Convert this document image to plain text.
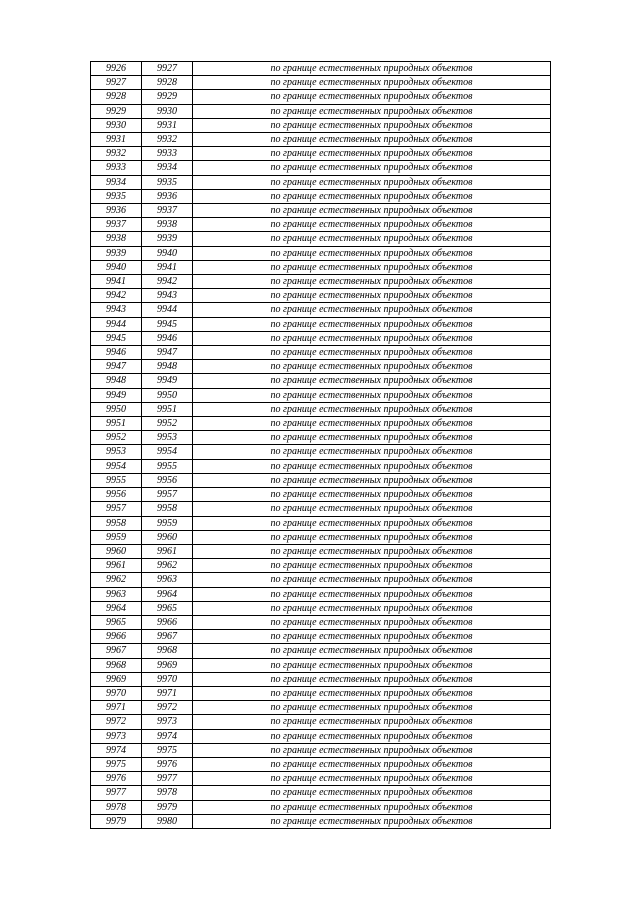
9926	9927	по границе естественных природных объектов
9927	9928	по границе естественных природных объектов
9928	9929	по границе естественных природных объектов
9929	9930	по границе естественных природных объектов
9930	9931	по границе естественных природных объектов
9931	9932	по границе естественных природных объектов
9932	9933	по границе естественных природных объектов
9933	9934	по границе естественных природных объектов
9934	9935	по границе естественных природных объектов
9935	9936	по границе естественных природных объектов
9936	9937	по границе естественных природных объектов
9937	9938	по границе естественных природных объектов
9938	9939	по границе естественных природных объектов
9939	9940	по границе естественных природных объектов
9940	9941	по границе естественных природных объектов
9941	9942	по границе естественных природных объектов
9942	9943	по границе естественных природных объектов
9943	9944	по границе естественных природных объектов
9944	9945	по границе естественных природных объектов
9945	9946	по границе естественных природных объектов
9946	9947	по границе естественных природных объектов
9947	9948	по границе естественных природных объектов
9948	9949	по границе естественных природных объектов
9949	9950	по границе естественных природных объектов
9950	9951	по границе естественных природных объектов
9951	9952	по границе естественных природных объектов
9952	9953	по границе естественных природных объектов
9953	9954	по границе естественных природных объектов
9954	9955	по границе естественных природных объектов
9955	9956	по границе естественных природных объектов
9956	9957	по границе естественных природных объектов
9957	9958	по границе естественных природных объектов
9958	9959	по границе естественных природных объектов
9959	9960	по границе естественных природных объектов
9960	9961	по границе естественных природных объектов
9961	9962	по границе естественных природных объектов
9962	9963	по границе естественных природных объектов
9963	9964	по границе естественных природных объектов
9964	9965	по границе естественных природных объектов
9965	9966	по границе естественных природных объектов
9966	9967	по границе естественных природных объектов
9967	9968	по границе естественных природных объектов
9968	9969	по границе естественных природных объектов
9969	9970	по границе естественных природных объектов
9970	9971	по границе естественных природных объектов
9971	9972	по границе естественных природных объектов
9972	9973	по границе естественных природных объектов
9973	9974	по границе естественных природных объектов
9974	9975	по границе естественных природных объектов
9975	9976	по границе естественных природных объектов
9976	9977	по границе естественных природных объектов
9977	9978	по границе естественных природных объектов
9978	9979	по границе естественных природных объектов
9979	9980	по границе естественных природных объектов
